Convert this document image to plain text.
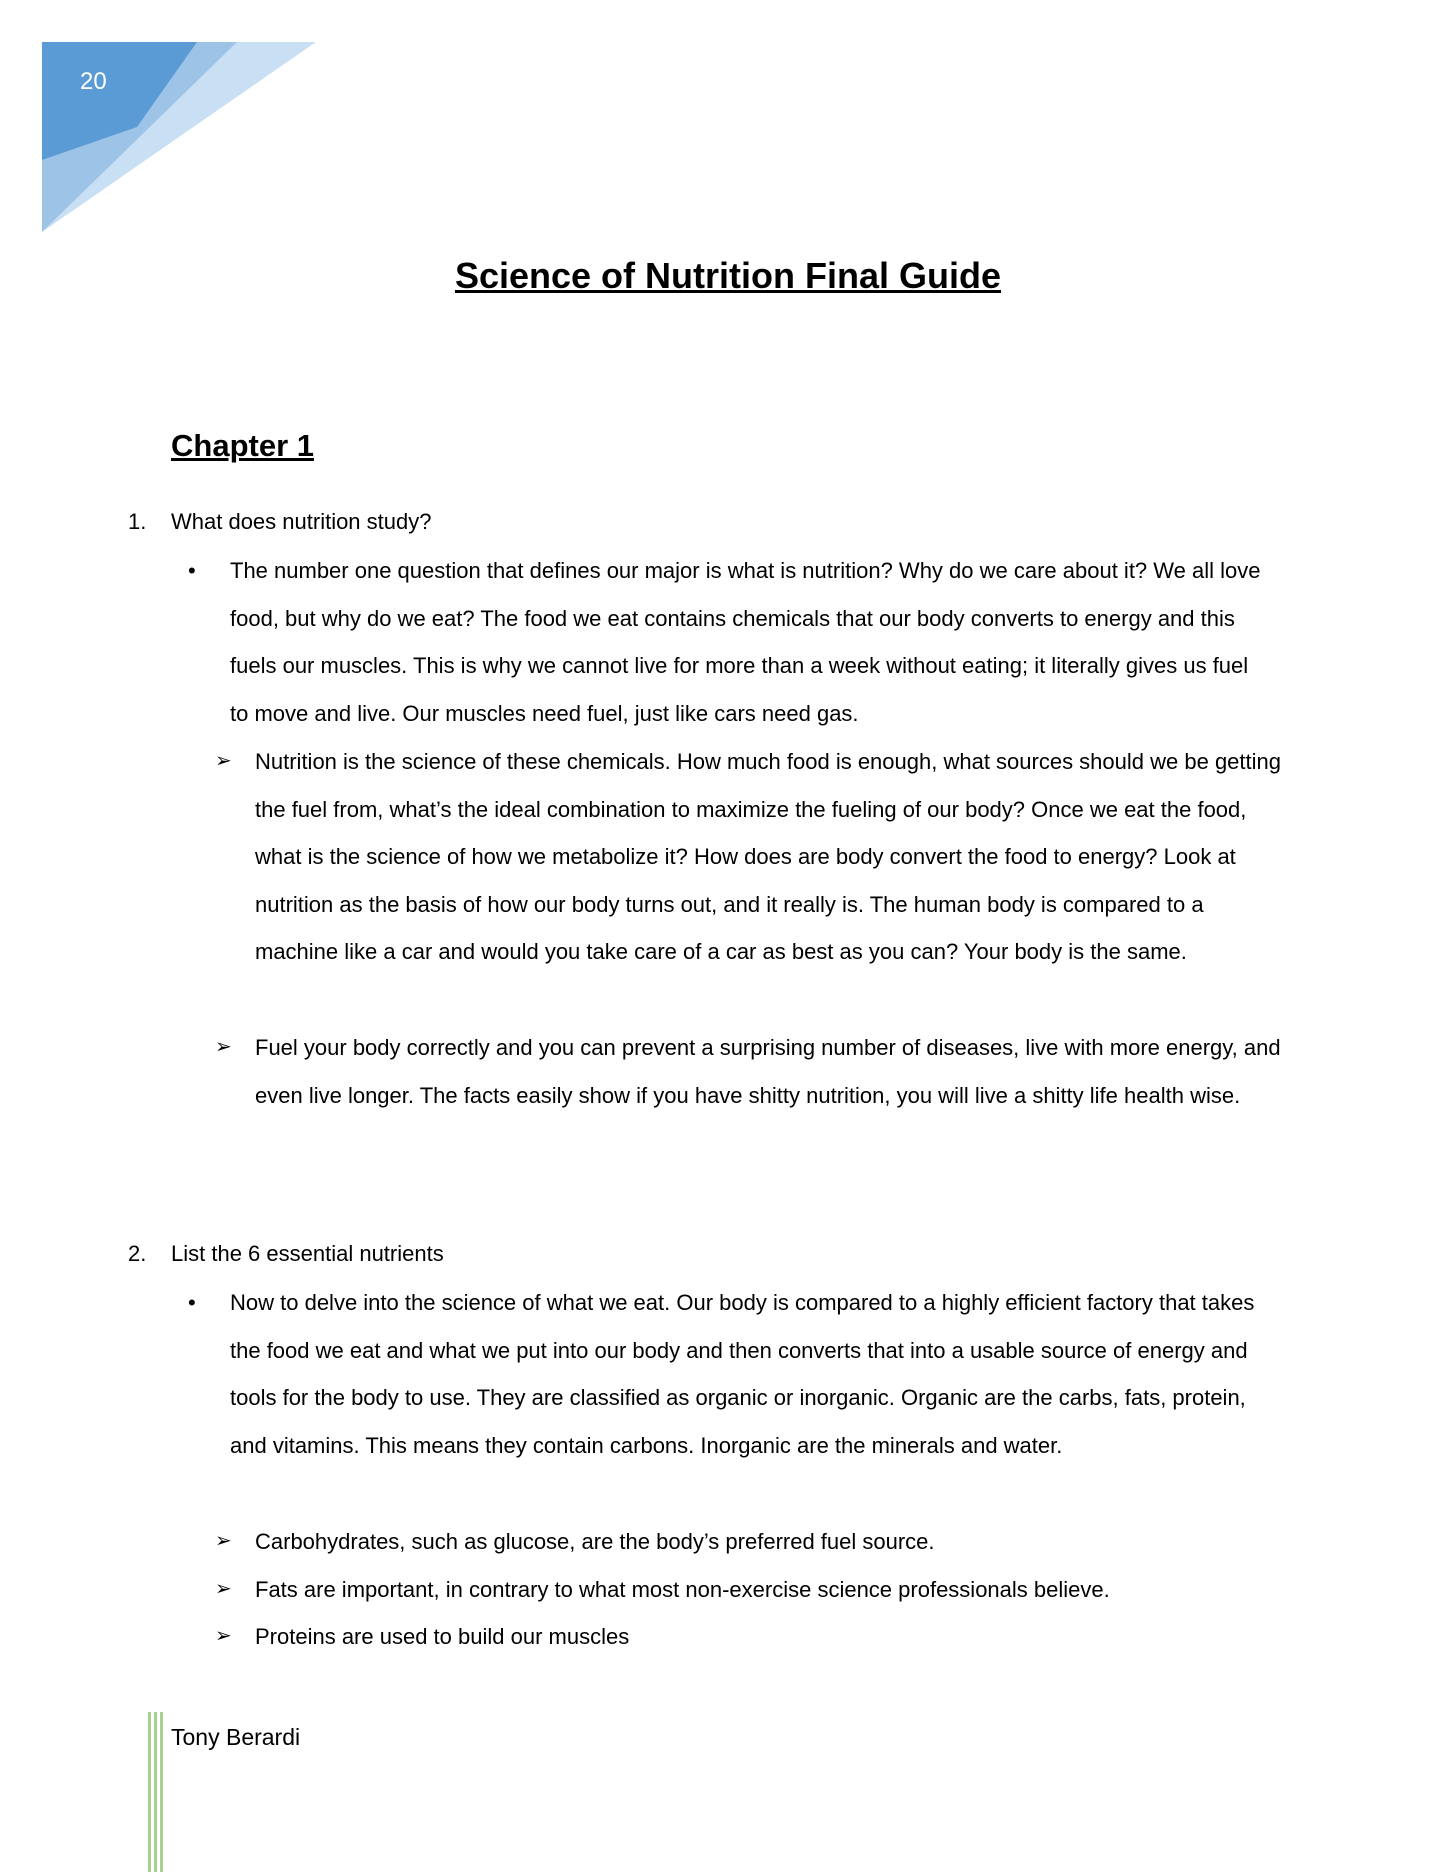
20
Science of Nutrition Final Guide
Chapter 1

1. What does nutrition study?

• The number one question that defines our major is what is nutrition? Why do we care about it? We all love food, but why do we eat? The food we eat contains chemicals that our body converts to energy and this fuels our muscles. This is why we cannot live for more than a week without eating; it literally gives us fuel to move and live. Our muscles need fuel, just like cars need gas.
➢ Nutrition is the science of these chemicals. How much food is enough, what sources should we be getting the fuel from, what’s the ideal combination to maximize the fueling of our body? Once we eat the food, what is the science of how we metabolize it? How does are body convert the food to energy? Look at nutrition as the basis of how our body turns out, and it really is. The human body is compared to a machine like a car and would you take care of a car as best as you can? Your body is the same.
➢ Fuel your body correctly and you can prevent a surprising number of diseases, live with more energy, and even live longer. The facts easily show if you have shitty nutrition, you will live a shitty life health wise.

2. List the 6 essential nutrients

• Now to delve into the science of what we eat. Our body is compared to a highly efficient factory that takes the food we eat and what we put into our body and then converts that into a usable source of energy and tools for the body to use. They are classified as organic or inorganic. Organic are the carbs, fats, protein, and vitamins. This means they contain carbons. Inorganic are the minerals and water.
➢ Carbohydrates, such as glucose, are the body’s preferred fuel source.
➢ Fats are important, in contrary to what most non-exercise science professionals believe.
➢ Proteins are used to build our muscles
Tony Berardi
